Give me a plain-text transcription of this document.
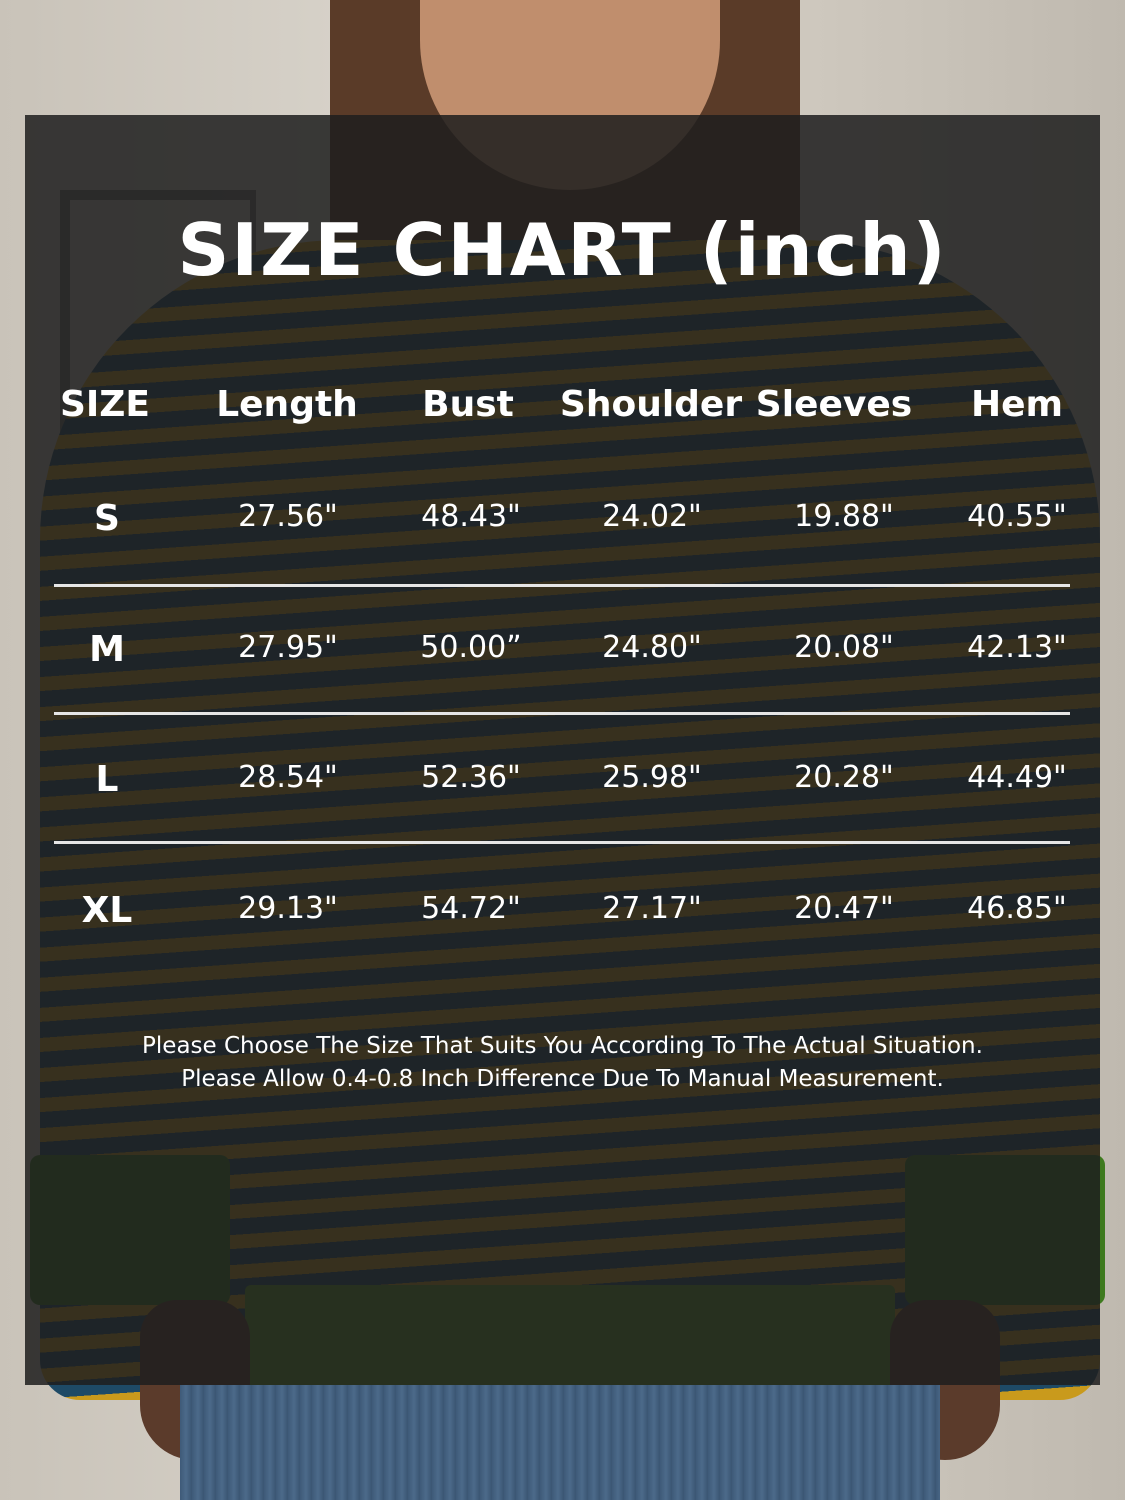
SIZE CHART (inch)
SIZE Length Bust Shoulder Sleeves Hem
S	27.56"	48.43"	24.02"	19.88" 40.55"
M	27.95"	50.00”	24.80"	20.08" 42.13"
L	28.54"	52.36"	25.98"	20.28" 44.49"
XL	29.13"	54.72"	27.17"	20.47" 46.85"
Please Choose The Size That Suits You According To The Actual Situation.
Please Allow 0.4-0.8 Inch Difference Due To Manual Measurement.
